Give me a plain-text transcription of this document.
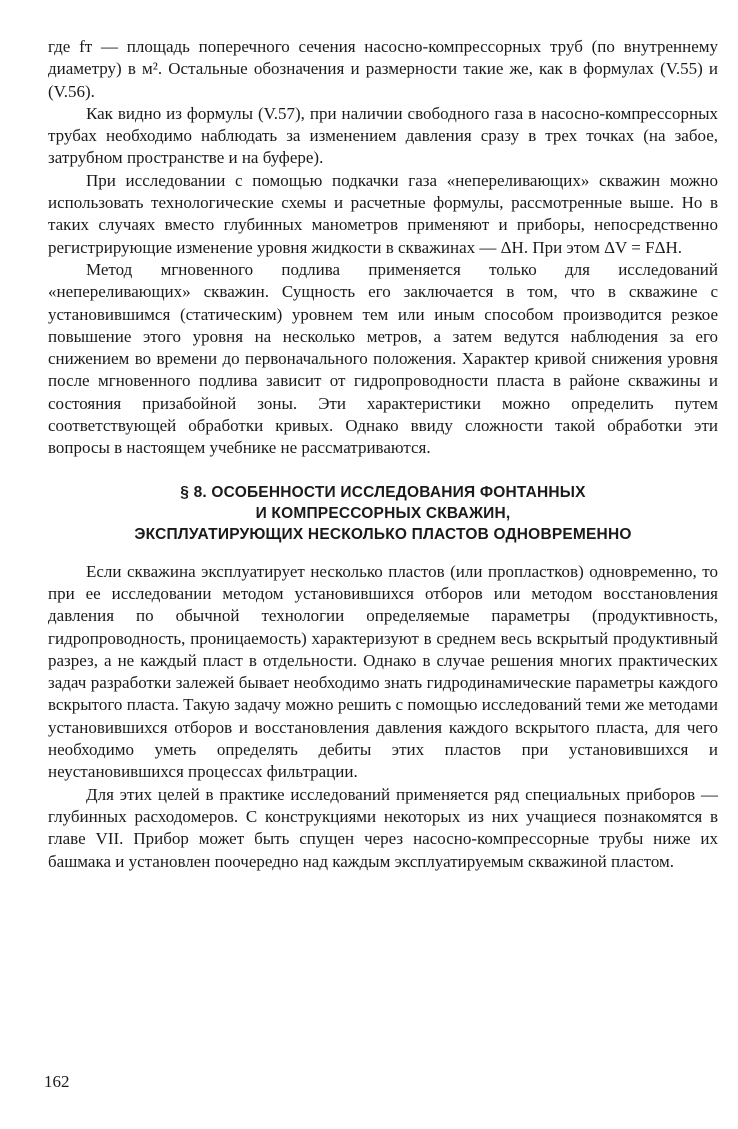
где fт — площадь поперечного сечения насосно-компрессорных труб (по внутреннему диаметру) в м². Остальные обозначения и размерности такие же, как в формулах (V.55) и (V.56).

Как видно из формулы (V.57), при наличии свободного газа в насосно-компрессорных трубах необходимо наблюдать за изменением давления сразу в трех точках (на забое, затрубном пространстве и на буфере).

При исследовании с помощью подкачки газа «непереливающих» скважин можно использовать технологические схемы и расчетные формулы, рассмотренные выше. Но в таких случаях вместо глубинных манометров применяют и приборы, непосредственно регистрирующие изменение уровня жидкости в скважинах — ΔH. При этом ΔV = FΔH.

Метод мгновенного подлива применяется только для исследований «непереливающих» скважин. Сущность его заключается в том, что в скважине с установившимся (статическим) уровнем тем или иным способом производится резкое повышение этого уровня на несколько метров, а затем ведутся наблюдения за его снижением во времени до первоначального положения. Характер кривой снижения уровня после мгновенного подлива зависит от гидропроводности пласта в районе скважины и состояния призабойной зоны. Эти характеристики можно определить путем соответствующей обработки кривых. Однако ввиду сложности такой обработки эти вопросы в настоящем учебнике не рассматриваются.

§ 8. ОСОБЕННОСТИ ИССЛЕДОВАНИЯ ФОНТАННЫХ
И КОМПРЕССОРНЫХ СКВАЖИН,
ЭКСПЛУАТИРУЮЩИХ НЕСКОЛЬКО ПЛАСТОВ ОДНОВРЕМЕННО

Если скважина эксплуатирует несколько пластов (или пропластков) одновременно, то при ее исследовании методом установившихся отборов или методом восстановления давления по обычной технологии определяемые параметры (продуктивность, гидропроводность, проницаемость) характеризуют в среднем весь вскрытый продуктивный разрез, а не каждый пласт в отдельности. Однако в случае решения многих практических задач разработки залежей бывает необходимо знать гидродинамические параметры каждого вскрытого пласта. Такую задачу можно решить с помощью исследований теми же методами установившихся отборов и восстановления давления каждого вскрытого пласта, для чего необходимо уметь определять дебиты этих пластов при установившихся и неустановившихся процессах фильтрации.

Для этих целей в практике исследований применяется ряд специальных приборов — глубинных расходомеров. С конструкциями некоторых из них учащиеся познакомятся в главе VII. Прибор может быть спущен через насосно-компрессорные трубы ниже их башмака и установлен поочередно над каждым эксплуатируемым скважиной пластом.

162
